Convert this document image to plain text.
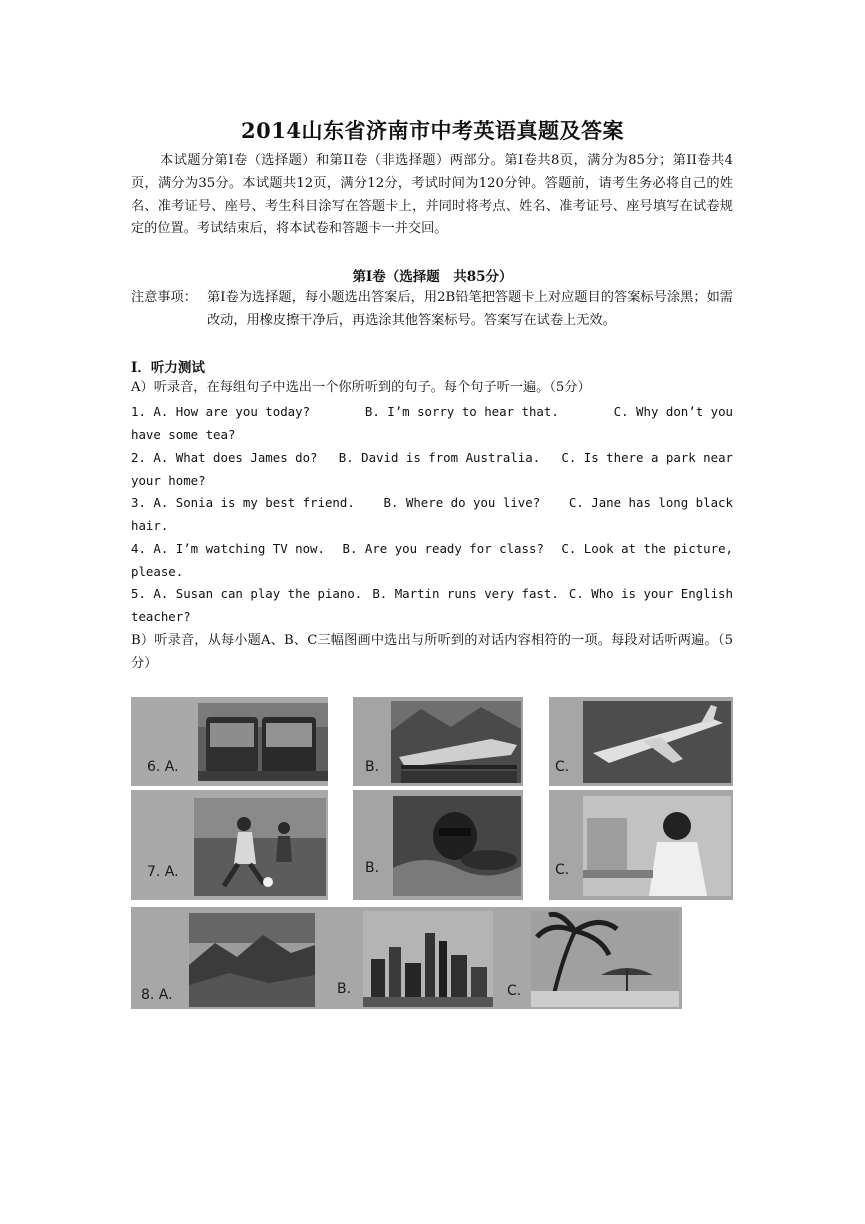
2014山东省济南市中考英语真题及答案
本试题分第I卷（选择题）和第II卷（非选择题）两部分。第I卷共8页，满分为85分；第II卷共4页，满分为35分。本试题共12页，满分12分，考试时间为120分钟。答题前，请考生务必将自己的姓名、准考证号、座号、考生科目涂写在答题卡上，并同时将考点、姓名、准考证号、座号填写在试卷规定的位置。考试结束后，将本试卷和答题卡一并交回。
第I卷（选择题　共85分）
注意事项： 第I卷为选择题，每小题选出答案后，用2B铅笔把答题卡上对应题目的答案标号涂黑；如需改动，用橡皮擦干净后，再选涂其他答案标号。答案写在试卷上无效。
I．听力测试
A）听录音，在每组句子中选出一个你所听到的句子。每个句子听一遍。（5分）
1. A. How are you today?	B. I’m sorry to hear that.	C. Why don’t you
have some tea?
2. A. What does James do? B. David is from Australia. C. Is there a park near
your home?
3. A. Sonia is my best friend. B. Where do you live? C. Jane has long black
hair.
4. A. I’m watching TV now. B. Are you ready for class? C. Look at the picture,
please.
5. A. Susan can play the piano. B. Martin runs very fast. C. Who is your English
teacher?
B）听录音，从每小题A、B、C三幅图画中选出与所听到的对话内容相符的一项。每段对话听两遍。（5分）
6. A.	B.	C.
7. A.	B.	C.
8. A.	B.	C.
